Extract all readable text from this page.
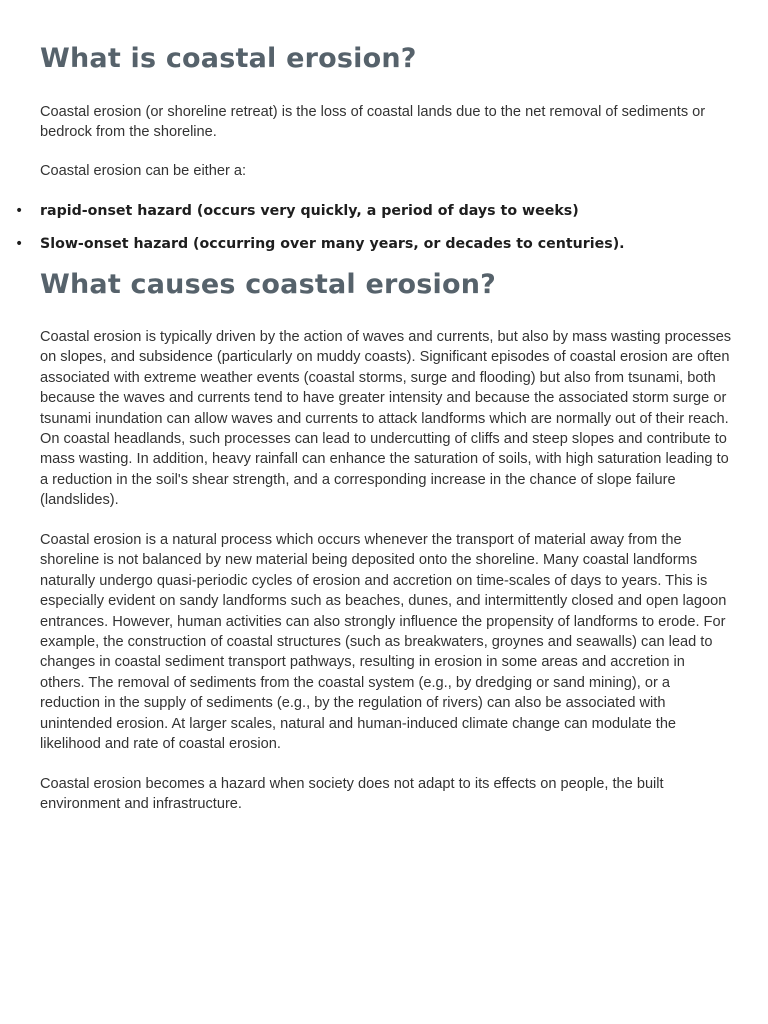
What is coastal erosion?

Coastal erosion (or shoreline retreat) is the loss of coastal lands due to the net removal of sediments or bedrock from the shoreline.

Coastal erosion can be either a:

• rapid-onset hazard (occurs very quickly, a period of days to weeks)
• Slow-onset hazard (occurring over many years, or decades to centuries).
What causes coastal erosion?

Coastal erosion is typically driven by the action of waves and currents, but also by mass wasting processes on slopes, and subsidence (particularly on muddy coasts). Significant episodes of coastal erosion are often associated with extreme weather events (coastal storms, surge and flooding) but also from tsunami, both because the waves and currents tend to have greater intensity and because the associated storm surge or tsunami inundation can allow waves and currents to attack landforms which are normally out of their reach. On coastal headlands, such processes can lead to undercutting of cliffs and steep slopes and contribute to mass wasting. In addition, heavy rainfall can enhance the saturation of soils, with high saturation leading to a reduction in the soil's shear strength, and a corresponding increase in the chance of slope failure (landslides).

Coastal erosion is a natural process which occurs whenever the transport of material away from the shoreline is not balanced by new material being deposited onto the shoreline. Many coastal landforms naturally undergo quasi-periodic cycles of erosion and accretion on time-scales of days to years. This is especially evident on sandy landforms such as beaches, dunes, and intermittently closed and open lagoon entrances. However, human activities can also strongly influence the propensity of landforms to erode. For example, the construction of coastal structures (such as breakwaters, groynes and seawalls) can lead to changes in coastal sediment transport pathways, resulting in erosion in some areas and accretion in others. The removal of sediments from the coastal system (e.g., by dredging or sand mining), or a reduction in the supply of sediments (e.g., by the regulation of rivers) can also be associated with unintended erosion. At larger scales, natural and human-induced climate change can modulate the likelihood and rate of coastal erosion.

Coastal erosion becomes a hazard when society does not adapt to its effects on people, the built environment and infrastructure.
